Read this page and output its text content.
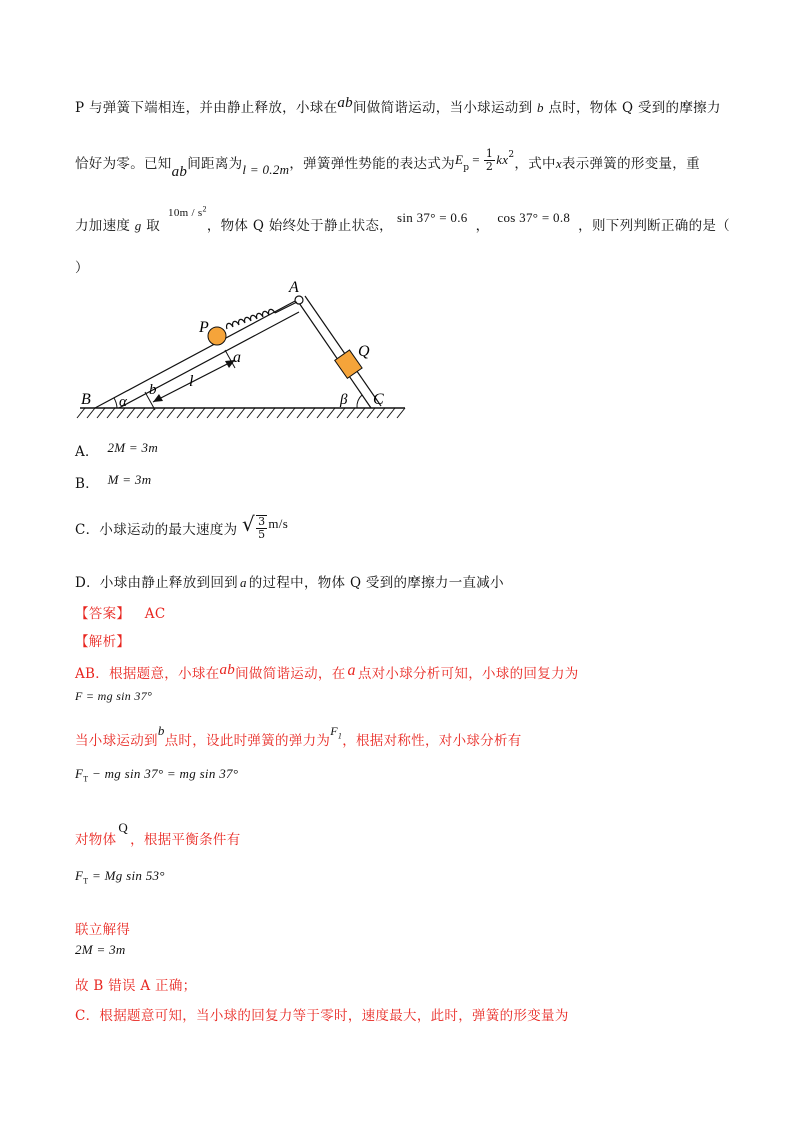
P 与弹簧下端相连，并由静止释放，小球在ab间做简谐运动，当小球运动到 b 点时，物体 Q 受到的摩擦力
恰好为零。已知ab间距离为l = 0.2m，弹簧弹性势能的表达式为$E_p= \frac{1}{2} kx^2$，式中x表示弹簧的形变量，重
力加速度 g 取$^{10m / s^2}$，物体 Q 始终处于静止状态，sin 37° = 0.6，cos 37° = 0.8，则下列判断正确的是（
）
A
P
Q
a
l
b
B α	β C
A． 2M = 3m
B． M = 3m
C．小球运动的最大速度为 √ $\frac{3}{5} m/s$
D．小球由静止释放到回到 a 的过程中，物体 Q 受到的摩擦力一直减小
【答案】 AC
【解析】
AB．根据题意，小球在ab间做简谐运动，在 a 点对小球分析可知，小球的回复力为
F = mg sin 37°
当小球运动到b点时，设此时弹簧的弹力为$F_1$，根据对称性，对小球分析有
$F_T$ − mg sin 37° = mg sin 37°
对物体Q，根据平衡条件有
$F_T = Mg$ sin 53°
联立解得
2M = 3m
故 B 错误 A 正确；
C．根据题意可知，当小球的回复力等于零时，速度最大，此时，弹簧的形变量为
